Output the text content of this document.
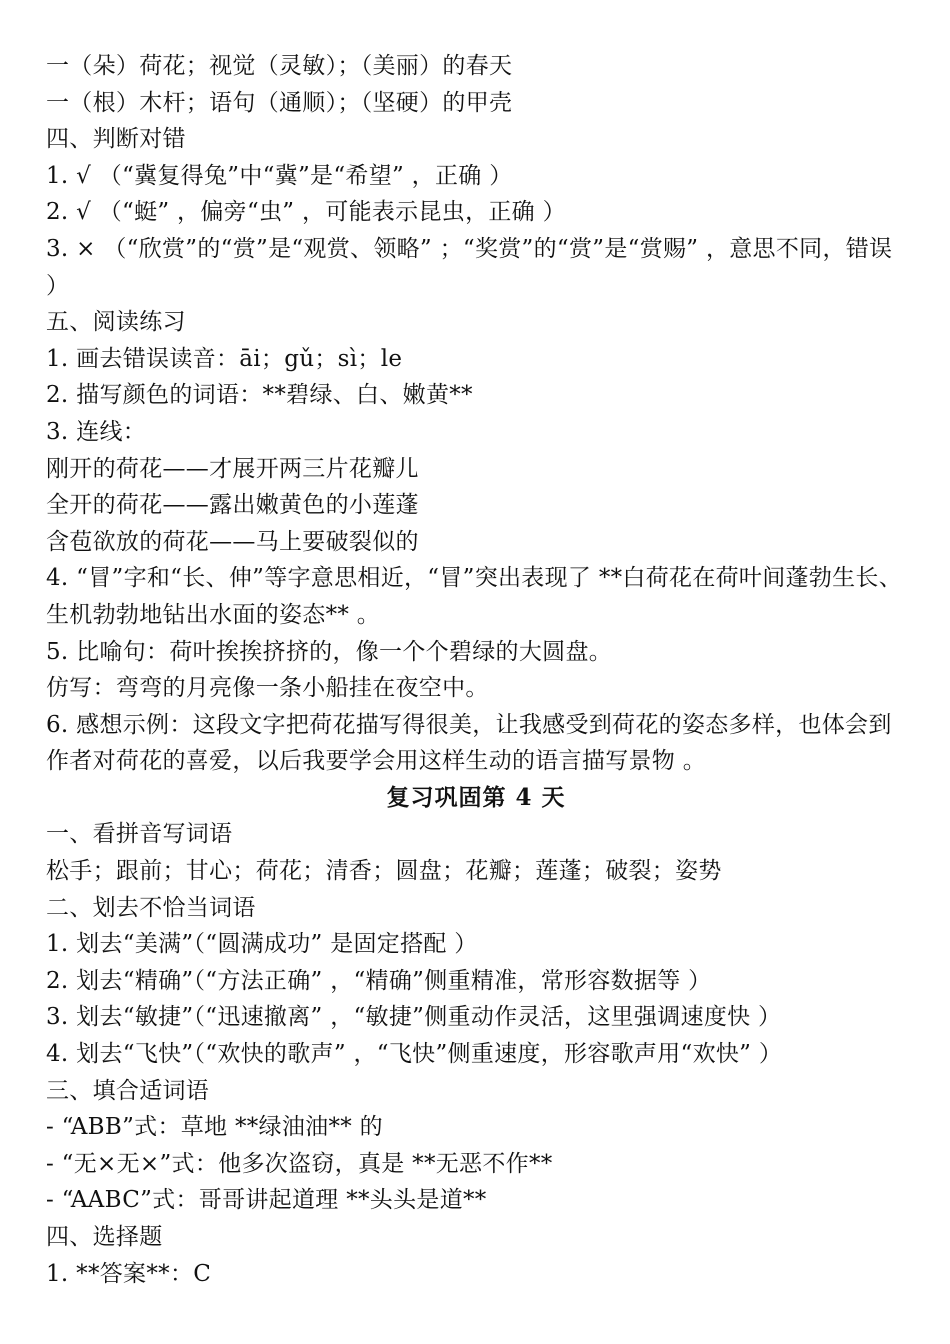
一（朵）荷花；视觉（灵敏）；（美丽）的春天
一（根）木杆；语句（通顺）；（坚硬）的甲壳
四、判断对错
1. √ （“冀复得兔”中“冀”是“希望” ，正确 ）
2. √ （“蜓” ，偏旁“虫” ，可能表示昆虫，正确 ）
3. × （“欣赏”的“赏”是“观赏、领略” ；“奖赏”的“赏”是“赏赐” ，意思不同，错误 ）
五、阅读练习
1. 画去错误读音：āi；gǔ；sì；le
2. 描写颜色的词语：**碧绿、白、嫩黄**
3. 连线：
刚开的荷花——才展开两三片花瓣儿
全开的荷花——露出嫩黄色的小莲蓬
含苞欲放的荷花——马上要破裂似的
4. “冒”字和“长、伸”等字意思相近，“冒”突出表现了 **白荷花在荷叶间蓬勃生长、生机勃勃地钻出水面的姿态** 。
5. 比喻句：荷叶挨挨挤挤的，像一个个碧绿的大圆盘。
仿写：弯弯的月亮像一条小船挂在夜空中。
6. 感想示例：这段文字把荷花描写得很美，让我感受到荷花的姿态多样，也体会到作者对荷花的喜爱，以后我要学会用这样生动的语言描写景物 。
复习巩固第 4 天
一、看拼音写词语
松手；跟前；甘心；荷花；清香；圆盘；花瓣；莲蓬；破裂；姿势
二、划去不恰当词语
1. 划去“美满”（“圆满成功” 是固定搭配 ）
2. 划去“精确”（“方法正确” ，“精确”侧重精准，常形容数据等 ）
3. 划去“敏捷”（“迅速撤离” ，“敏捷”侧重动作灵活，这里强调速度快 ）
4. 划去“飞快”（“欢快的歌声” ，“飞快”侧重速度，形容歌声用“欢快” ）
三、填合适词语
- “ABB”式：草地 **绿油油** 的
- “无×无×”式：他多次盗窃，真是 **无恶不作**
- “AABC”式：哥哥讲起道理 **头头是道**
四、选择题
1. **答案**：C
